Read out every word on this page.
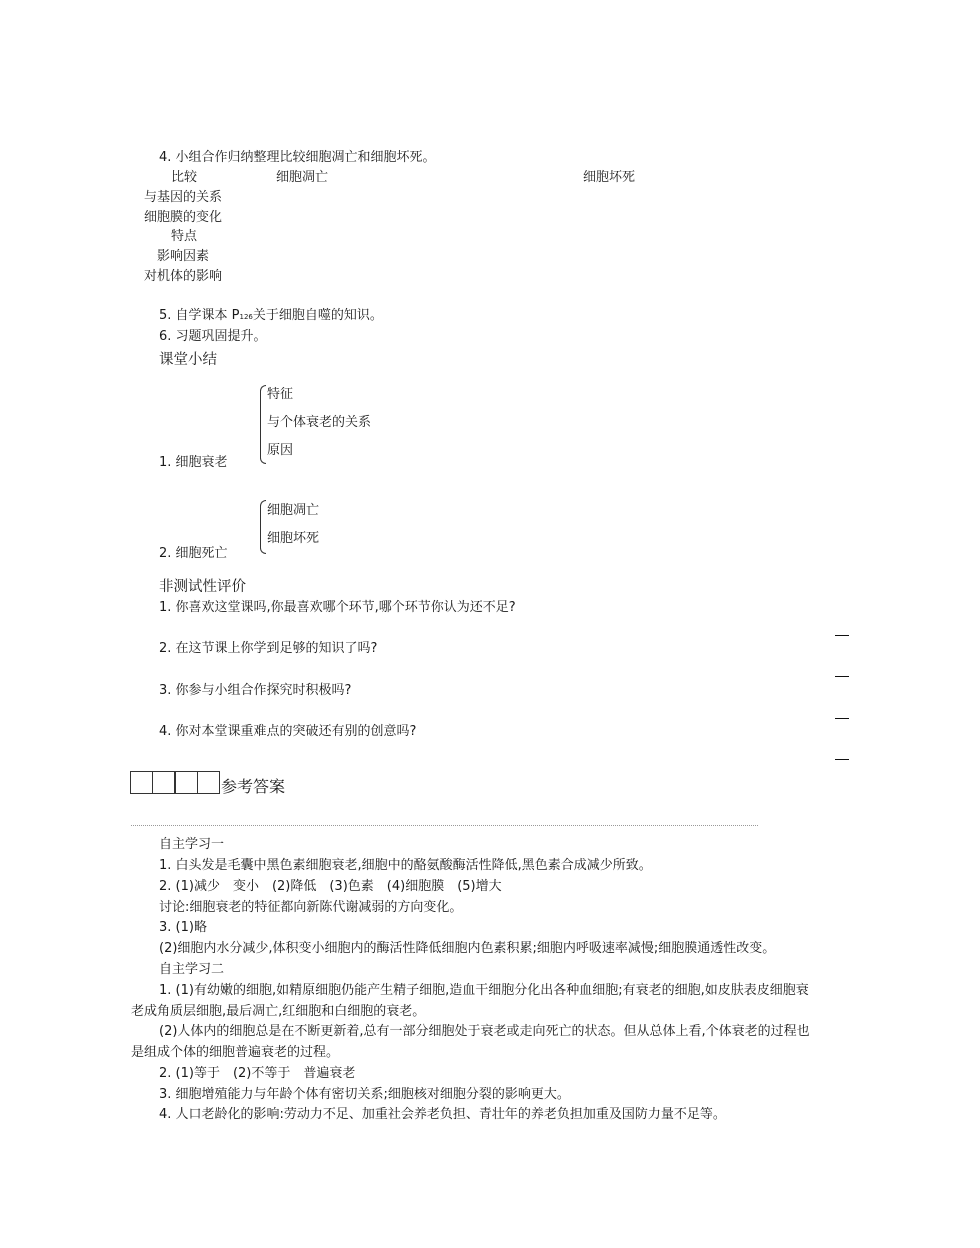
4. 小组合作归纳整理比较细胞凋亡和细胞坏死。
比较	细胞凋亡	细胞坏死
与基因的关系
细胞膜的变化
特点
影响因素
对机体的影响
5. 自学课本 P126关于细胞自噬的知识。
6. 习题巩固提升。
课堂小结
特征
与个体衰老的关系
原因
1. 细胞衰老
细胞凋亡
细胞坏死
2. 细胞死亡
非测试性评价
1. 你喜欢这堂课吗,你最喜欢哪个环节,哪个环节你认为还不足?
2. 在这节课上你学到足够的知识了吗?
3. 你参与小组合作探究时积极吗?
4. 你对本堂课重难点的突破还有别的创意吗?
参考答案
自主学习一
1. 白头发是毛囊中黑色素细胞衰老,细胞中的酪氨酸酶活性降低,黑色素合成减少所致。
2. (1)减少　变小　(2)降低　(3)色素　(4)细胞膜　(5)增大
讨论:细胞衰老的特征都向新陈代谢减弱的方向变化。
3. (1)略
(2)细胞内水分减少,体积变小细胞内的酶活性降低细胞内色素积累;细胞内呼吸速率减慢;细胞膜通透性改变。
自主学习二
1. (1)有幼嫩的细胞,如精原细胞仍能产生精子细胞,造血干细胞分化出各种血细胞;有衰老的细胞,如皮肤表皮细胞衰
老成角质层细胞,最后凋亡,红细胞和白细胞的衰老。
(2)人体内的细胞总是在不断更新着,总有一部分细胞处于衰老或走向死亡的状态。但从总体上看,个体衰老的过程也
是组成个体的细胞普遍衰老的过程。
2. (1)等于　(2)不等于　普遍衰老
3. 细胞增殖能力与年龄个体有密切关系;细胞核对细胞分裂的影响更大。
4. 人口老龄化的影响:劳动力不足、加重社会养老负担、青壮年的养老负担加重及国防力量不足等。
